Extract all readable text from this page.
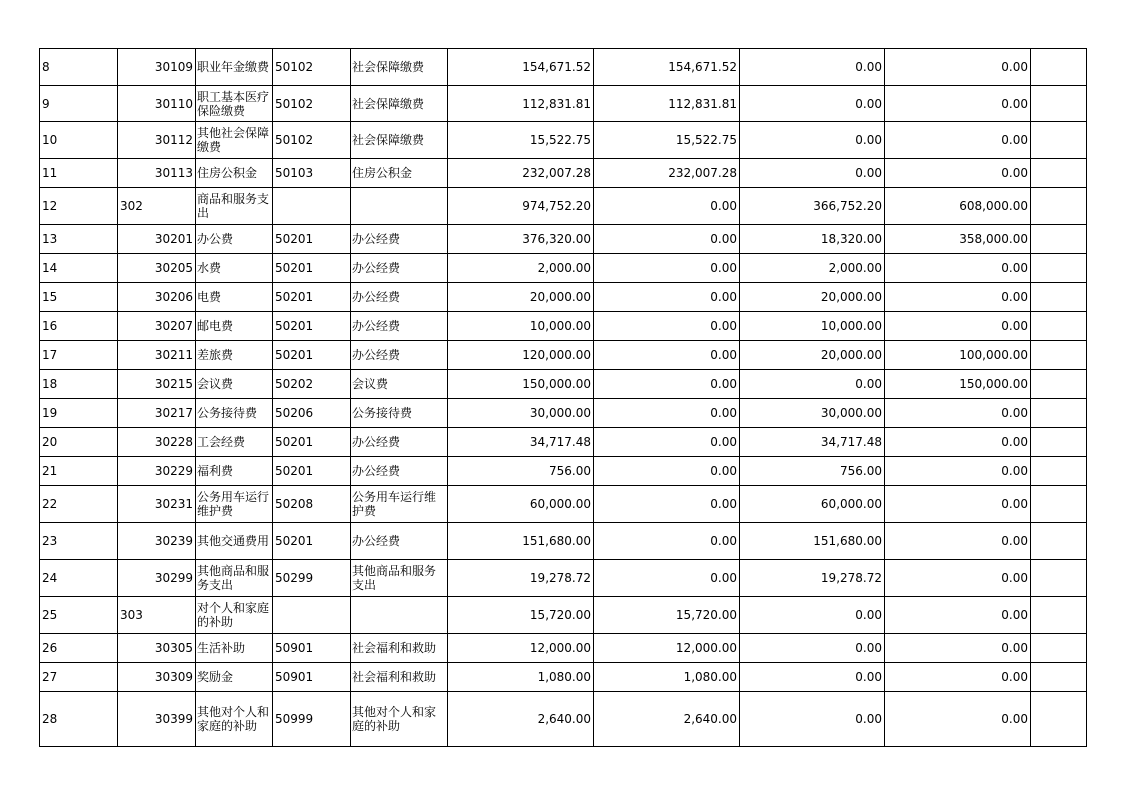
8	30109	职业年金缴费	50102	社会保障缴费	154,671.52	154,671.52	0.00	0.00	
9	30110	职工基本医疗保险缴费	50102	社会保障缴费	112,831.81	112,831.81	0.00	0.00	
10	30112	其他社会保障缴费	50102	社会保障缴费	15,522.75	15,522.75	0.00	0.00	
11	30113	住房公积金	50103	住房公积金	232,007.28	232,007.28	0.00	0.00	
12	302	商品和服务支出			974,752.20	0.00	366,752.20	608,000.00	
13	30201	办公费	50201	办公经费	376,320.00	0.00	18,320.00	358,000.00	
14	30205	水费	50201	办公经费	2,000.00	0.00	2,000.00	0.00	
15	30206	电费	50201	办公经费	20,000.00	0.00	20,000.00	0.00	
16	30207	邮电费	50201	办公经费	10,000.00	0.00	10,000.00	0.00	
17	30211	差旅费	50201	办公经费	120,000.00	0.00	20,000.00	100,000.00	
18	30215	会议费	50202	会议费	150,000.00	0.00	0.00	150,000.00	
19	30217	公务接待费	50206	公务接待费	30,000.00	0.00	30,000.00	0.00	
20	30228	工会经费	50201	办公经费	34,717.48	0.00	34,717.48	0.00	
21	30229	福利费	50201	办公经费	756.00	0.00	756.00	0.00	
22	30231	公务用车运行维护费	50208	公务用车运行维护费	60,000.00	0.00	60,000.00	0.00	
23	30239	其他交通费用	50201	办公经费	151,680.00	0.00	151,680.00	0.00	
24	30299	其他商品和服务支出	50299	其他商品和服务支出	19,278.72	0.00	19,278.72	0.00	
25	303	对个人和家庭的补助			15,720.00	15,720.00	0.00	0.00	
26	30305	生活补助	50901	社会福利和救助	12,000.00	12,000.00	0.00	0.00	
27	30309	奖励金	50901	社会福利和救助	1,080.00	1,080.00	0.00	0.00	
28	30399	其他对个人和家庭的补助	50999	其他对个人和家庭的补助	2,640.00	2,640.00	0.00	0.00	
